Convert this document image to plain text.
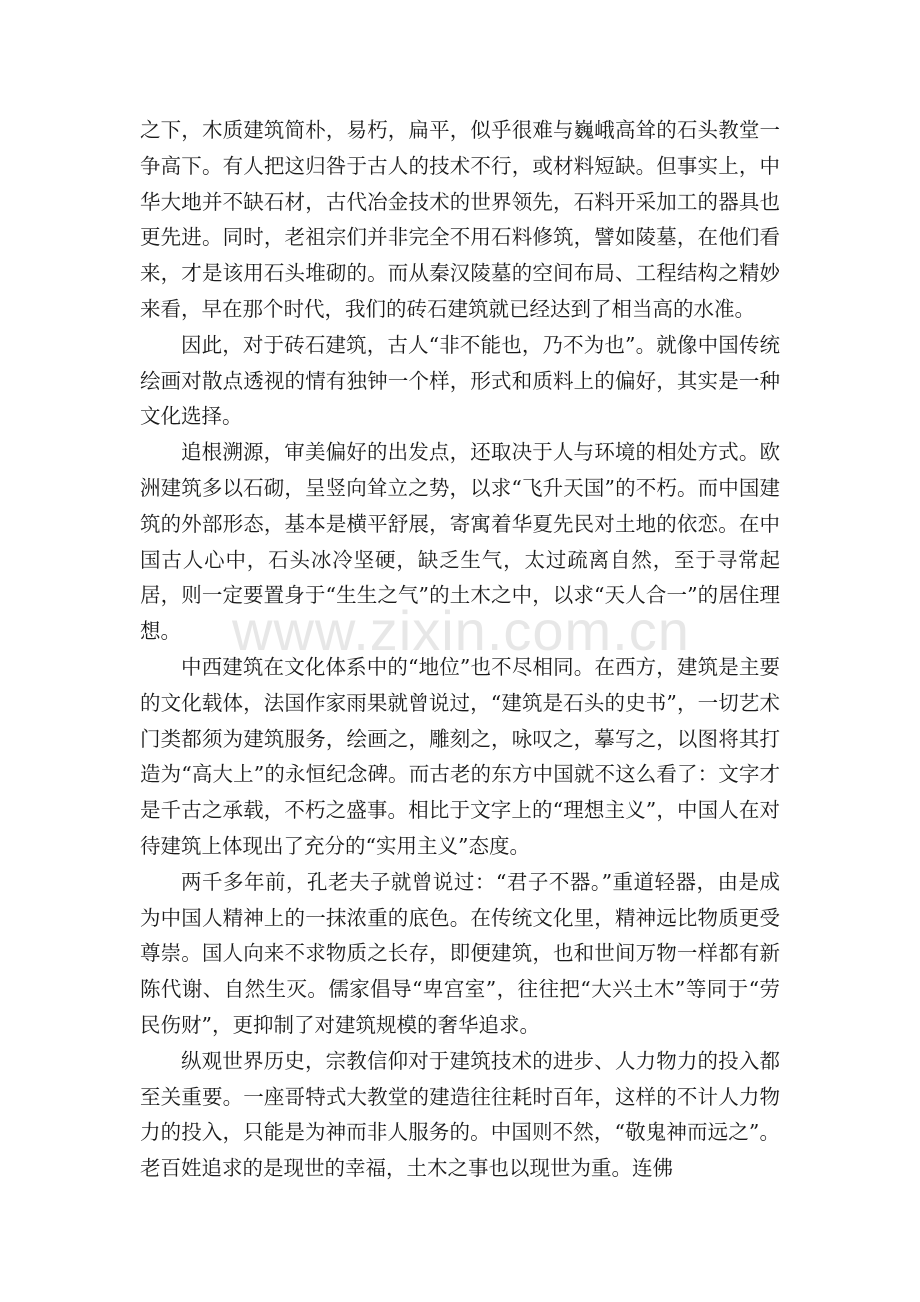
之下，木质建筑简朴，易朽，扁平，似乎很难与巍峨高耸的石头教堂一争高下。有人把这归咎于古人的技术不行，或材料短缺。但事实上，中华大地并不缺石材，古代冶金技术的世界领先，石料开采加工的器具也更先进。同时，老祖宗们并非完全不用石料修筑，譬如陵墓，在他们看来，才是该用石头堆砌的。而从秦汉陵墓的空间布局、工程结构之精妙来看，早在那个时代，我们的砖石建筑就已经达到了相当高的水准。

因此，对于砖石建筑，古人“非不能也，乃不为也”。就像中国传统绘画对散点透视的情有独钟一个样，形式和质料上的偏好，其实是一种文化选择。

追根溯源，审美偏好的出发点，还取决于人与环境的相处方式。欧洲建筑多以石砌，呈竖向耸立之势，以求“飞升天国”的不朽。而中国建筑的外部形态，基本是横平舒展，寄寓着华夏先民对土地的依恋。在中国古人心中，石头冰冷坚硬，缺乏生气，太过疏离自然，至于寻常起居，则一定要置身于“生生之气”的土木之中，以求“天人合一”的居住理想。

中西建筑在文化体系中的“地位”也不尽相同。在西方，建筑是主要的文化载体，法国作家雨果就曾说过，“建筑是石头的史书”，一切艺术门类都须为建筑服务，绘画之，雕刻之，咏叹之，摹写之，以图将其打造为“高大上”的永恒纪念碑。而古老的东方中国就不这么看了：文字才是千古之承载，不朽之盛事。相比于文字上的“理想主义”，中国人在对待建筑上体现出了充分的“实用主义”态度。

两千多年前，孔老夫子就曾说过：“君子不器。”重道轻器，由是成为中国人精神上的一抹浓重的底色。在传统文化里，精神远比物质更受尊崇。国人向来不求物质之长存，即便建筑，也和世间万物一样都有新陈代谢、自然生灭。儒家倡导“卑宫室”，往往把“大兴土木”等同于“劳民伤财”，更抑制了对建筑规模的奢华追求。

纵观世界历史，宗教信仰对于建筑技术的进步、人力物力的投入都至关重要。一座哥特式大教堂的建造往往耗时百年，这样的不计人力物力的投入，只能是为神而非人服务的。中国则不然，“敬鬼神而远之”。老百姓追求的是现世的幸福，土木之事也以现世为重。连佛

www.zixin.com.cn
